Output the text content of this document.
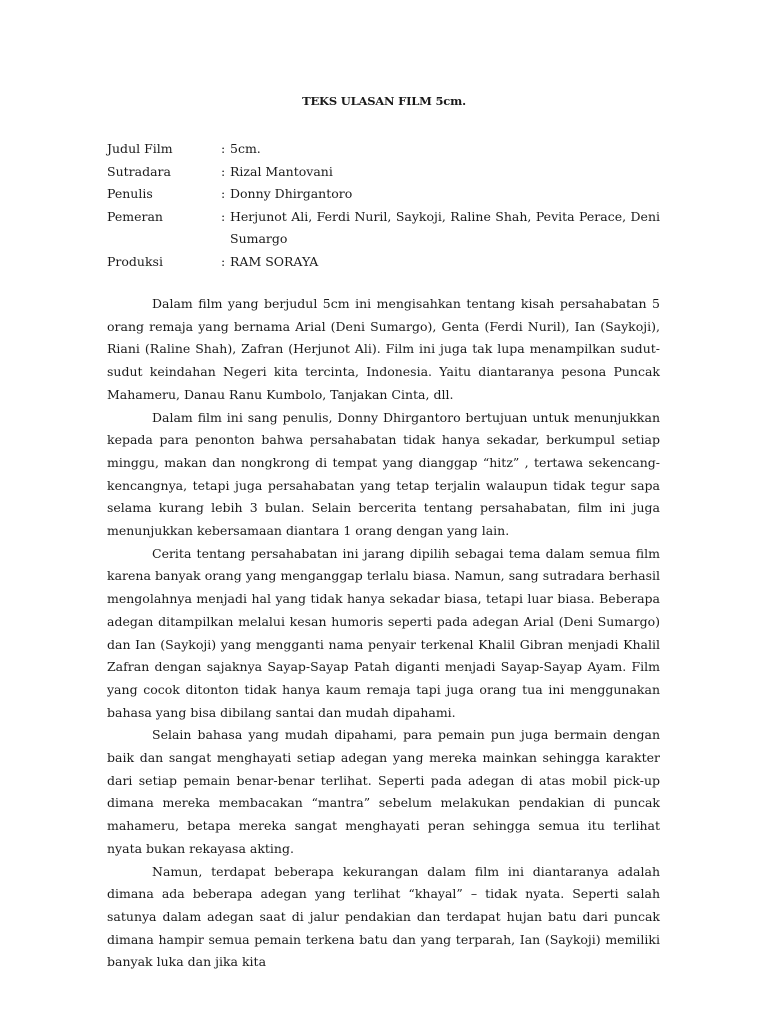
TEKS ULASAN FILM 5cm.
Judul Film	: 5cm.
Sutradara	: Rizal Mantovani
Penulis	: Donny Dhirgantoro
Pemeran	: Herjunot Ali, Ferdi Nuril, Saykoji, Raline Shah, Pevita Perace, Deni Sumargo
Produksi	: RAM SORAYA

Dalam film yang berjudul 5cm ini mengisahkan tentang kisah persahabatan 5 orang remaja yang bernama Arial (Deni Sumargo), Genta (Ferdi Nuril), Ian (Saykoji), Riani (Raline Shah), Zafran (Herjunot Ali). Film ini juga tak lupa menampilkan sudut-sudut keindahan Negeri kita tercinta, Indonesia. Yaitu diantaranya pesona Puncak Mahameru, Danau Ranu Kumbolo, Tanjakan Cinta, dll.

Dalam film ini sang penulis, Donny Dhirgantoro bertujuan untuk menunjukkan kepada para penonton bahwa persahabatan tidak hanya sekadar, berkumpul setiap minggu, makan dan nongkrong di tempat yang dianggap “hitz” , tertawa sekencang-kencangnya, tetapi juga persahabatan yang tetap terjalin walaupun tidak tegur sapa selama kurang lebih 3 bulan. Selain bercerita tentang persahabatan, film ini juga menunjukkan kebersamaan diantara 1 orang dengan yang lain.

Cerita tentang persahabatan ini jarang dipilih sebagai tema dalam semua film karena banyak orang yang menganggap terlalu biasa. Namun, sang sutradara berhasil mengolahnya menjadi hal yang tidak hanya sekadar biasa, tetapi luar biasa. Beberapa adegan ditampilkan melalui kesan humoris seperti pada adegan Arial (Deni Sumargo) dan Ian (Saykoji) yang mengganti nama penyair terkenal Khalil Gibran menjadi Khalil Zafran dengan sajaknya Sayap-Sayap Patah diganti menjadi Sayap-Sayap Ayam. Film yang cocok ditonton tidak hanya kaum remaja tapi juga orang tua ini menggunakan bahasa yang bisa dibilang santai dan mudah dipahami.

Selain bahasa yang mudah dipahami, para pemain pun juga bermain dengan baik dan sangat menghayati setiap adegan yang mereka mainkan sehingga karakter dari setiap pemain benar-benar terlihat. Seperti pada adegan di atas mobil pick-up dimana mereka membacakan “mantra” sebelum melakukan pendakian di puncak mahameru, betapa mereka sangat menghayati peran sehingga semua itu terlihat nyata bukan rekayasa akting.

Namun, terdapat beberapa kekurangan dalam film ini diantaranya adalah dimana ada beberapa adegan yang terlihat “khayal” – tidak nyata. Seperti salah satunya dalam adegan saat di jalur pendakian dan terdapat hujan batu dari puncak dimana hampir semua pemain terkena batu dan yang terparah, Ian (Saykoji) memiliki banyak luka dan jika kita
